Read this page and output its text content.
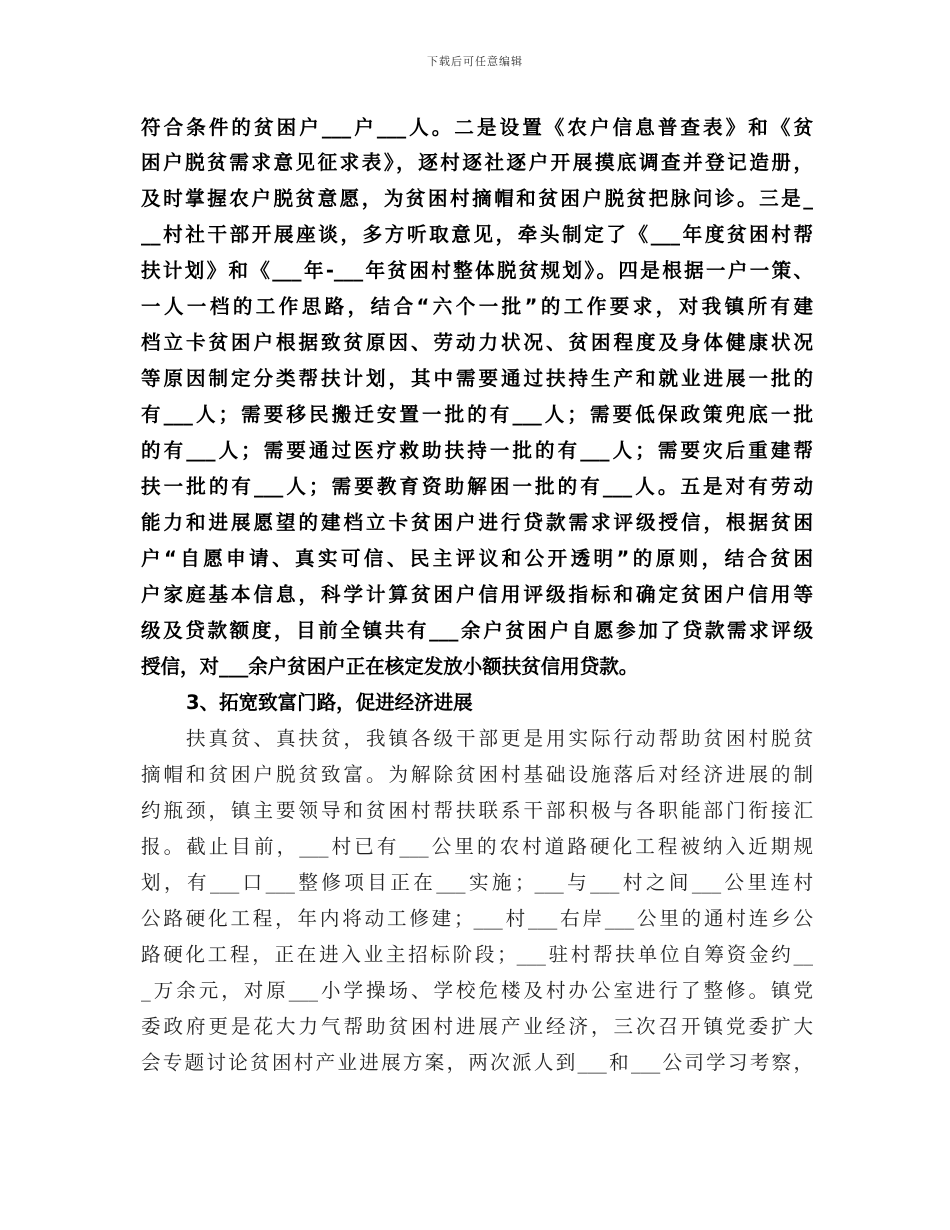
下载后可任意编辑
符合条件的贫困户___户___人。二是设置《农户信息普查表》和《贫
困户脱贫需求意见征求表》，逐村逐社逐户开展摸底调查并登记造册，
及时掌握农户脱贫意愿，为贫困村摘帽和贫困户脱贫把脉问诊。三是_
__村社干部开展座谈，多方听取意见，牵头制定了《___年度贫困村帮
扶计划》和《___年-___年贫困村整体脱贫规划》。四是根据一户一策、
一人一档的工作思路，结合“六个一批”的工作要求，对我镇所有建
档立卡贫困户根据致贫原因、劳动力状况、贫困程度及身体健康状况
等原因制定分类帮扶计划，其中需要通过扶持生产和就业进展一批的
有___人；需要移民搬迁安置一批的有___人；需要低保政策兜底一批
的有___人；需要通过医疗救助扶持一批的有___人；需要灾后重建帮
扶一批的有___人；需要教育资助解困一批的有___人。五是对有劳动
能力和进展愿望的建档立卡贫困户进行贷款需求评级授信，根据贫困
户“自愿申请、真实可信、民主评议和公开透明”的原则，结合贫困
户家庭基本信息，科学计算贫困户信用评级指标和确定贫困户信用等
级及贷款额度，目前全镇共有___余户贫困户自愿参加了贷款需求评级
授信，对___余户贫困户正在核定发放小额扶贫信用贷款。
3、拓宽致富门路，促进经济进展
扶真贫、真扶贫，我镇各级干部更是用实际行动帮助贫困村脱贫
摘帽和贫困户脱贫致富。为解除贫困村基础设施落后对经济进展的制
约瓶颈，镇主要领导和贫困村帮扶联系干部积极与各职能部门衔接汇
报。截止目前，___村已有___公里的农村道路硬化工程被纳入近期规
划，有___口___整修项目正在___实施；___与___村之间___公里连村
公路硬化工程，年内将动工修建；___村___右岸___公里的通村连乡公
路硬化工程，正在进入业主招标阶段；___驻村帮扶单位自筹资金约__
_万余元，对原___小学操场、学校危楼及村办公室进行了整修。镇党
委政府更是花大力气帮助贫困村进展产业经济，三次召开镇党委扩大
会专题讨论贫困村产业进展方案，两次派人到___和___公司学习考察，
